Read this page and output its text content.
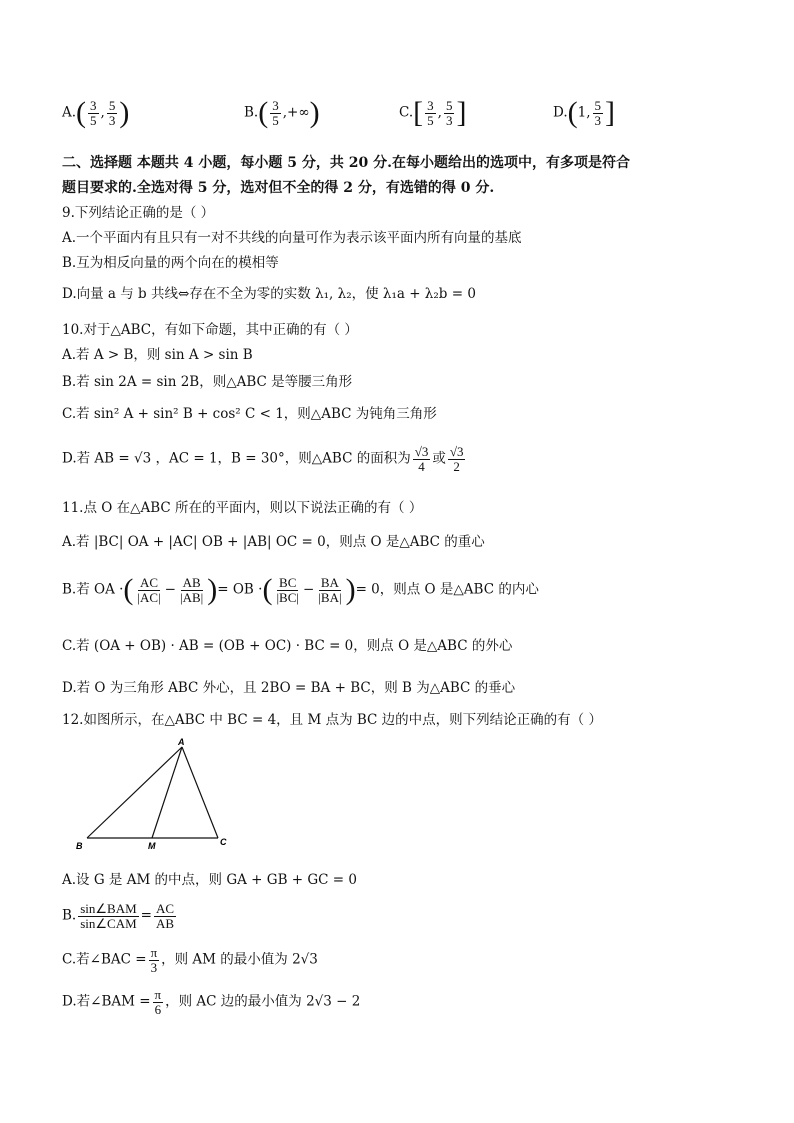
$A.( \frac{3}{5}$ , $\frac{5}{3}$ )	$B.( \frac{3}{5}$ ,+∞)	$C.[ \frac{3}{5}$ , $\frac{5}{3}$ ]	D.(1, $\frac{5}{3}$ ]
二、选择题 本题共 4 小题，每小题 5 分，共 20 分.在每小题给出的选项中，有多项是符合
题目要求的.全选对得 5 分，选对但不全的得 2 分，有选错的得 0 分.
9.下列结论正确的是（ ）
A.一个平面内有且只有一对不共线的向量可作为表示该平面内所有向量的基底
B.互为相反向量的两个向在的模相等
D.向量 a 与 b 共线⇔存在不全为零的实数 λ₁, λ₂，使 λ₁a + λ₂b = 0
10.对于△ABC，有如下命题，其中正确的有（ ）
A.若 A > B，则 sin A > sin B
B.若 sin 2A = sin 2B，则△ABC 是等腰三角形
C.若 sin² A + sin² B + cos² C < 1，则△ABC 为钝角三角形
D.若 AB = √3 ，AC = 1，B = 30°，则△ABC 的面积为 $\frac{√3}{4}$ 或 $\frac{√3}{2}$
11.点 O 在△ABC 所在的平面内，则以下说法正确的有（ ）
A.若 |BC| OA + |AC| OB + |AB| OC = 0，则点 O 是△ABC 的重心
B.若 OA ·( $\frac{AC}{|AC|} - \frac{AB}{|AB|}$ )= OB ·( $\frac{BC}{|BC|} - \frac{BA}{|BA|}$ )= 0，则点 O 是△ABC 的内心
C.若 (OA + OB) · AB = (OB + OC) · BC = 0，则点 O 是△ABC 的外心
D.若 O 为三角形 ABC 外心，且 2BO = BA + BC，则 B 为△ABC 的垂心
12.如图所示，在△ABC 中 BC = 4，且 M 点为 BC 边的中点，则下列结论正确的有（ ）
A
B	C
M
A.设 G 是 AM 的中点，则 GA + GB + GC = 0
B. $\frac{\text{sin∠BAM}}{\text{sin∠CAM}} = \frac{AC}{AB}$
C.若∠BAC = $\frac{\pi}{3}$ ，则 AM 的最小值为 2√3
D.若∠BAM = $\frac{\pi}{6}$ ，则 AC 边的最小值为 2√3 − 2
